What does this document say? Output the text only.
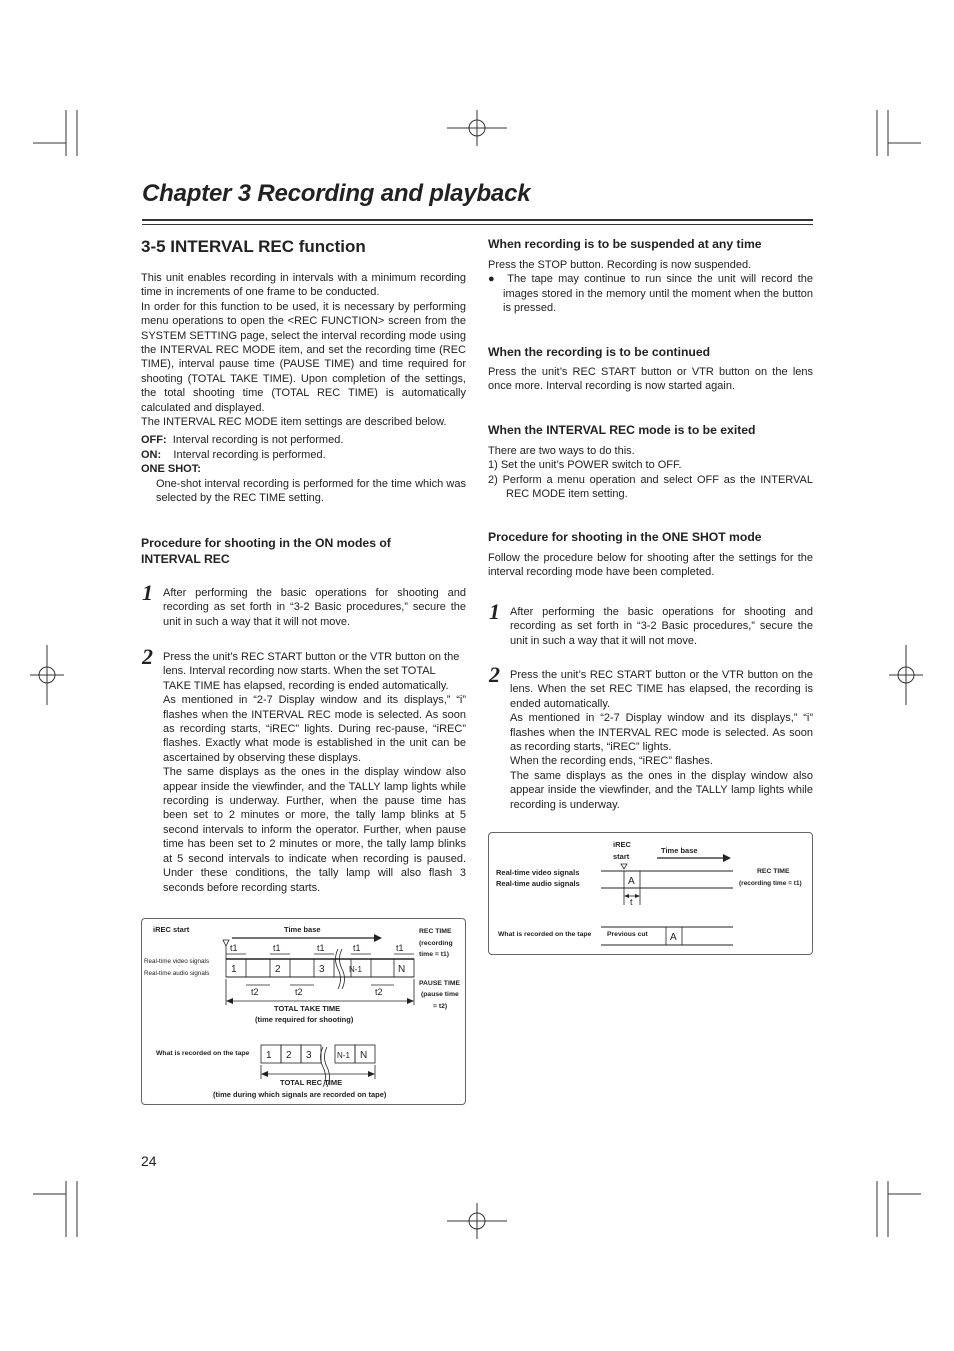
Chapter 3 Recording and playback
3-5 INTERVAL REC function

This unit enables recording in intervals with a minimum recording time in increments of one frame to be conducted.

In order for this function to be used, it is necessary by performing menu operations to open the <REC FUNCTION> screen from the SYSTEM SETTING page, select the interval recording mode using the INTERVAL REC MODE item, and set the recording time (REC TIME), interval pause time (PAUSE TIME) and time required for shooting (TOTAL TAKE TIME). Upon completion of the settings, the total shooting time (TOTAL REC TIME) is automatically calculated and displayed.

The INTERVAL REC MODE item settings are described below.

OFF: Interval recording is not performed.

ON: Interval recording is performed.

ONE SHOT:

One-shot interval recording is performed for the time which was selected by the REC TIME setting.

Procedure for shooting in the ON modes of INTERVAL REC
1 After performing the basic operations for shooting and recording as set forth in “3-2 Basic procedures,” secure the unit in such a way that it will not move.
2 Press the unit’s REC START button or the VTR button on the lens. Interval recording now starts. When the set TOTAL TAKE TIME has elapsed, recording is ended automatically.

As mentioned in “2-7 Display window and its displays,” “i” flashes when the INTERVAL REC mode is selected. As soon as recording starts, “iREC” lights. During rec-pause, “iREC” flashes. Exactly what mode is established in the unit can be ascertained by observing these displays.

The same displays as the ones in the display window also appear inside the viewfinder, and the TALLY lamp lights while recording is underway. Further, when the pause time has been set to 2 minutes or more, the tally lamp blinks at 5 second intervals to inform the operator. Further, when pause time has been set to 2 minutes or more, the tally lamp blinks at 5 second intervals to indicate when recording is paused. Under these conditions, the tally lamp will also flash 3 seconds before recording starts.

iREC start	Time base	REC TIME
(recording
time = t1)
PAUSE TIME
(pause time
= t2)
TOTAL TAKE TIME
(time required for shooting)
What is recorded on the tape
TOTAL REC TIME
(time during which signals are recorded on tape)
Real-time video signals
Real-time audio signals
t1	t1	t1	t1	t1
1	2	3	N-1	N
t2	t2	t2
1 2 3	N-1 N
24
When recording is to be suspended at any time

Press the STOP button. Recording is now suspended.

●  The tape may continue to run since the unit will record the images stored in the memory until the moment when the button is pressed.

When the recording is to be continued
Press the unit’s REC START button or VTR button on the lens once more. Interval recording is now started again.
When the INTERVAL REC mode is to be exited

There are two ways to do this.

1) Set the unit’s POWER switch to OFF.

2) Perform a menu operation and select OFF as the INTERVAL REC MODE item setting.

Procedure for shooting in the ONE SHOT mode
Follow the procedure below for shooting after the settings for the interval recording mode have been completed.
1 After performing the basic operations for shooting and recording as set forth in “3-2 Basic procedures,” secure the unit in such a way that it will not move.
2 Press the unit’s REC START button or the VTR button on the lens. When the set REC TIME has elapsed, the recording is ended automatically.

As mentioned in “2-7 Display window and its displays,” “i” flashes when the INTERVAL REC mode is selected. As soon as recording starts, “iREC” lights.

When the recording ends, “iREC” flashes.

The same displays as the ones in the display window also appear inside the viewfinder, and the TALLY lamp lights while recording is underway.

iREC
start
Time base
REC TIME
(recording time = t1)
Real-time video signals
Real-time audio signals
What is recorded on the tape Previous cut
A
t
A
